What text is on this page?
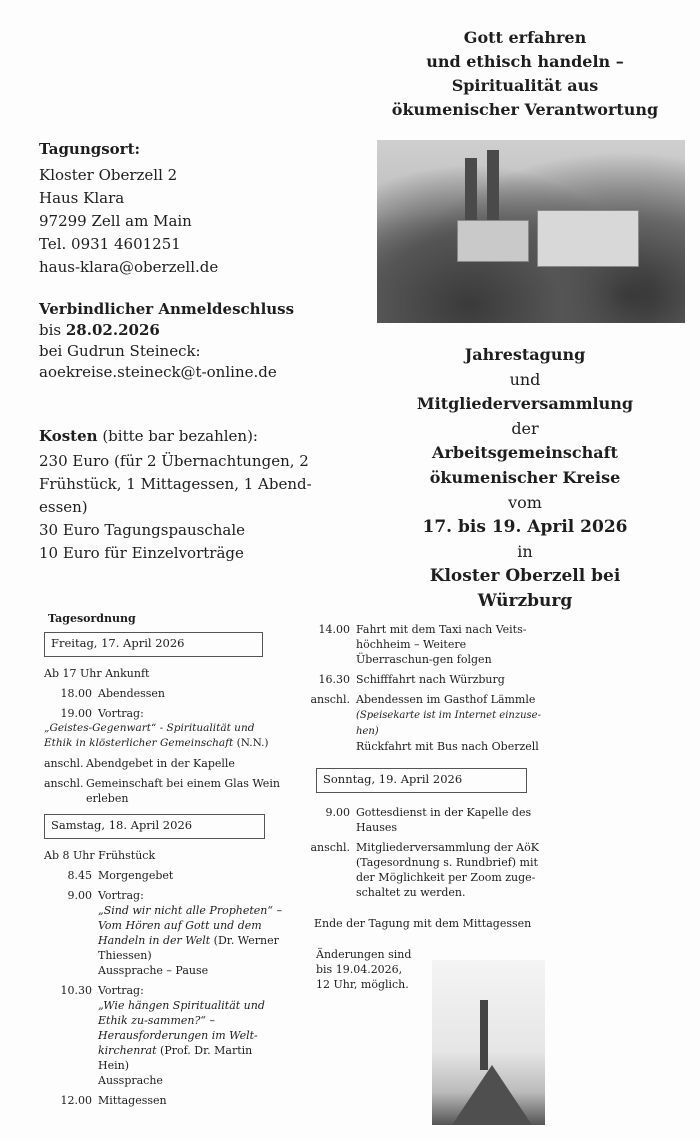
Gott erfahren
und ethisch handeln –
Spiritualität aus
ökumenischer Verantwortung
Jahrestagung
und
Mitgliederversammlung
der
Arbeitsgemeinschaft
ökumenischer Kreise
vom
17. bis 19. April 2026
in
Kloster Oberzell bei Würzburg

Tagungsort:

Kloster Oberzell 2

Haus Klara

97299 Zell am Main

Tel. 0931 4601251

haus-klara@oberzell.de

Verbindlicher Anmeldeschluss

bis 28.02.2026

bei Gudrun Steineck:

aoekreise.steineck@t-online.de

Kosten (bitte bar bezahlen):

230 Euro (für 2 Übernachtungen, 2 Frühstück, 1 Mittagessen, 1 Abend-essen)

30 Euro Tagungspauschale

10 Euro für Einzelvorträge

Tagesordnung
Freitag, 17. April 2026
Ab 17 Uhr Ankunft
18.00 Abendessen
19.00 Vortrag:
„Geistes-Gegenwart“ - Spiritualität und Ethik in klösterlicher Gemeinschaft (N.N.)
anschl. Abendgebet in der Kapelle
anschl. Gemeinschaft bei einem Glas Wein erleben
Samstag, 18. April 2026
Ab 8 Uhr Frühstück
8.45 Morgengebet
9.00 Vortrag:
„Sind wir nicht alle Propheten“ – Vom Hören auf Gott und dem Handeln in der Welt (Dr. Werner Thiessen)
Aussprache – Pause
10.30 Vortrag:
„Wie hängen Spiritualität und Ethik zu-sammen?“ – Herausforderungen im Welt-kirchenrat (Prof. Dr. Martin Hein)
Aussprache
12.00 Mittagessen
14.00 Fahrt mit dem Taxi nach Veits-höchheim – Weitere Überraschun-gen folgen
16.30 Schifffahrt nach Würzburg
anschl. Abendessen im Gasthof Lämmle
(Speisekarte ist im Internet einzuse-hen)
Rückfahrt mit Bus nach Oberzell
Sonntag, 19. April 2026
9.00 Gottesdienst in der Kapelle des Hauses
anschl. Mitgliederversammlung der AöK (Tagesordnung s. Rundbrief) mit der Möglichkeit per Zoom zuge-schaltet zu werden.
Ende der Tagung mit dem Mittagessen
Änderungen sind bis 19.04.2026, 12 Uhr, möglich.
